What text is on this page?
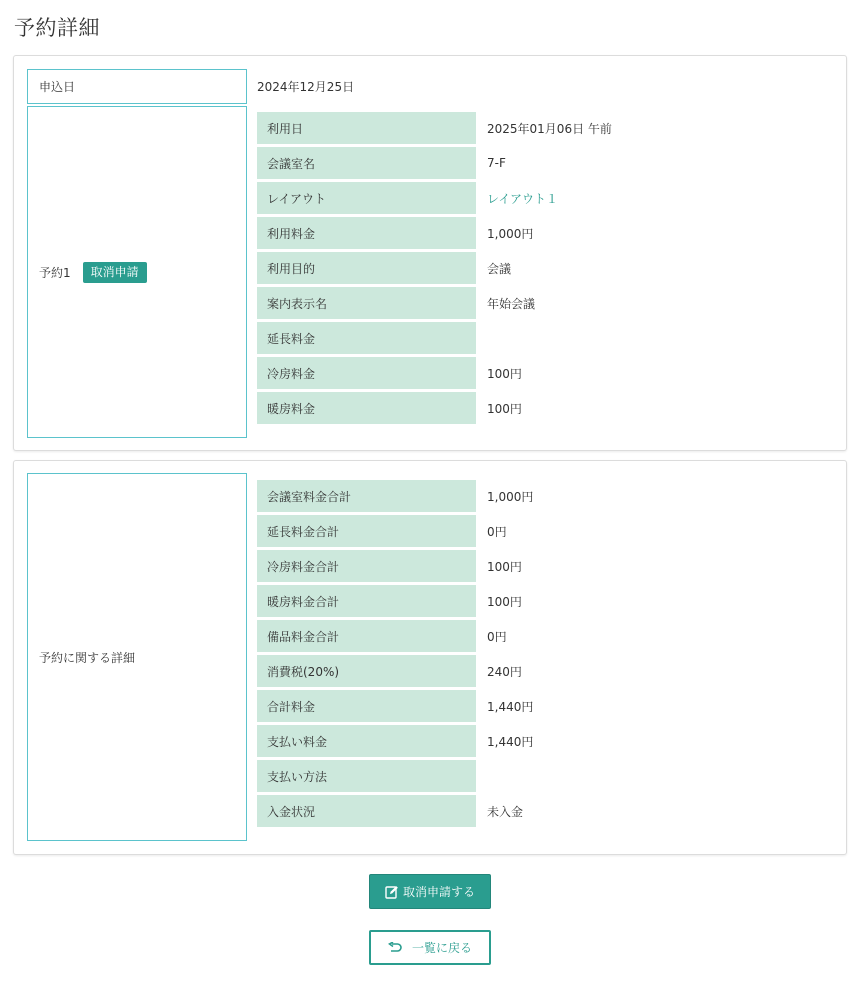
予約詳細
申込日	2024年12月25日
予約1	取消申請
利用日	2025年01月06日 午前
会議室名	7-F
レイアウト	レイアウト１
利用料金	1,000円
利用目的	会議
案内表示名	年始会議
延長料金
冷房料金	100円
暖房料金	100円
予約に関する詳細
会議室料金合計	1,000円
延長料金合計	0円
冷房料金合計	100円
暖房料金合計	100円
備品料金合計	0円
消費税(20%)	240円
合計料金	1,440円
支払い料金	1,440円
支払い方法
入金状況	未入金
取消申請する
一覧に戻る
